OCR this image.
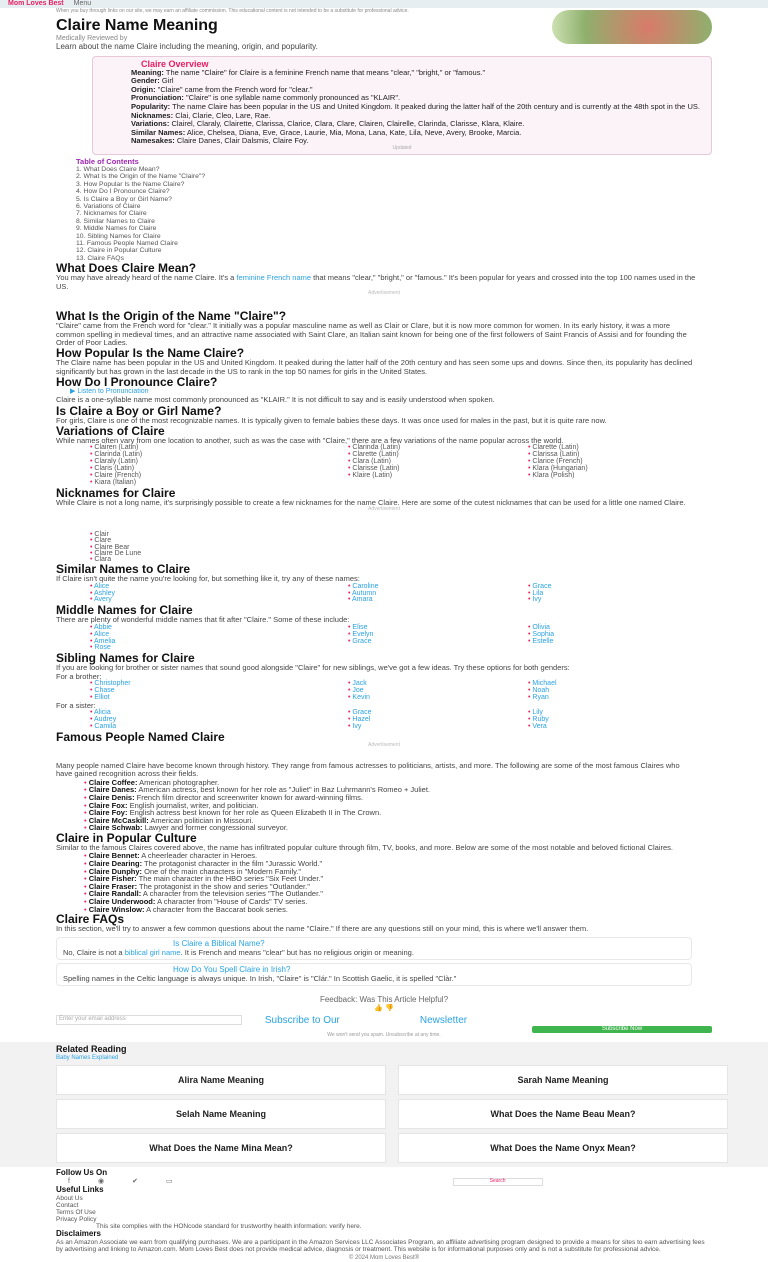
Mom Loves Best Menu
When you buy through links on our site, we may earn an affiliate commission. This educational content is not intended to be a substitute for professional advice.
Claire Name Meaning
Medically Reviewed by
Learn about the name Claire including the meaning, origin, and popularity.
Claire Overview
Meaning: The name "Claire" for Claire is a feminine French name that means "clear," "bright," or "famous."
Gender: Girl
Origin: "Claire" came from the French word for "clear."
Pronunciation: "Claire" is one syllable name commonly pronounced as "KLAIR".
Popularity: The name Claire has been popular in the US and United Kingdom. It peaked during the latter half of the 20th century and is currently at the 48th spot in the US.
Nicknames: Clai, Clarie, Cleo, Lare, Rae.
Variations: Clairel, Claraly, Clairette, Clarissa, Clarice, Clara, Clare, Clairen, Clairelle, Clarinda, Clarisse, Klara, Klaire.
Similar Names: Alice, Chelsea, Diana, Eve, Grace, Laurie, Mia, Mona, Lana, Kate, Lila, Neve, Avery, Brooke, Marcia.
Namesakes: Claire Danes, Clair Dalsmis, Claire Foy.
Updated
Table of Contents
1. What Does Claire Mean?
2. What Is the Origin of the Name "Claire"?
3. How Popular Is the Name Claire?
4. How Do I Pronounce Claire?
5. Is Claire a Boy or Girl Name?
6. Variations of Claire
7. Nicknames for Claire
8. Similar Names to Claire
9. Middle Names for Claire
10. Sibling Names for Claire
11. Famous People Named Claire
12. Claire in Popular Culture
13. Claire FAQs
What Does Claire Mean?

You may have already heard of the name Claire. It's a feminine French name that means "clear," "bright," or "famous." It's been popular for years and crossed into the top 100 names used in the US.

Advertisement
What Is the Origin of the Name "Claire"?

"Claire" came from the French word for "clear." It initially was a popular masculine name as well as Clair or Clare, but it is now more common for women. In its early history, it was a more common spelling in medieval times, and an attractive name associated with Saint Clare, an Italian saint known for being one of the first followers of Saint Francis of Assisi and for founding the Order of Poor Ladies.

How Popular Is the Name Claire?

The Claire name has been popular in the US and United Kingdom. It peaked during the latter half of the 20th century and has seen some ups and downs. Since then, its popularity has declined significantly but has grown in the last decade in the US to rank in the top 50 names for girls in the United States.

How Do I Pronounce Claire?
▶ Listen to Pronunciation

Claire is a one-syllable name most commonly pronounced as "KLAIR." It is not difficult to say and is easily understood when spoken.

Is Claire a Boy or Girl Name?

For girls, Claire is one of the most recognizable names. It is typically given to female babies these days. It was once used for males in the past, but it is quite rare now.

Variations of Claire

While names often vary from one location to another, such as was the case with "Claire," there are a few variations of the name popular across the world.

• Clairen (Latin)	• Clarinda (Latin)	• Clarette (Latin)
• Clarinda (Latin)	• Clarette (Latin)	• Clarissa (Latin)
• Claraly (Latin)	• Clara (Latin)	• Clarice (French)
• Claris (Latin)	• Clarisse (Latin)	• Klara (Hungarian)
• Claire (French)	• Klaire (Latin)	• Klara (Polish)
• Kiara (Italian)
Nicknames for Claire

While Claire is not a long name, it's surprisingly possible to create a few nicknames for the name Claire. Here are some of the cutest nicknames that can be used for a little one named Claire.

Advertisement
• Clair
• Clare
• Claire Bear
• Claire De Lune
• Clara
Similar Names to Claire

If Claire isn't quite the name you're looking for, but something like it, try any of these names:

• Alice	• Caroline	• Grace
• Ashley	• Autumn	• Lila
• Avery	• Amara	• Ivy
Middle Names for Claire

There are plenty of wonderful middle names that fit after "Claire." Some of these include:

• Abbie	• Elise	• Olivia
• Alice	• Evelyn	• Sophia
• Amelia	• Grace	• Estelle
• Rose
Sibling Names for Claire

If you are looking for brother or sister names that sound good alongside "Claire" for new siblings, we've got a few ideas. Try these options for both genders:

For a brother:

• Christopher	• Jack	• Michael
• Chase	• Joe	• Noah
• Elliot	• Kevin	• Ryan

For a sister:

• Alicia	• Grace	• Lily
• Audrey	• Hazel	• Ruby
• Camila	• Ivy	• Vera
Famous People Named Claire
Advertisement

Many people named Claire have become known through history. They range from famous actresses to politicians, artists, and more. The following are some of the most famous Claires who have gained recognition across their fields.

• Claire Coffee: American photographer.
• Claire Danes: American actress, best known for her role as "Juliet" in Baz Luhrmann's Romeo + Juliet.
• Claire Denis: French film director and screenwriter known for award-winning films.
• Claire Fox: English journalist, writer, and politician.
• Claire Foy: English actress best known for her role as Queen Elizabeth II in The Crown.
• Claire McCaskill: American politician in Missouri.
• Claire Schwab: Lawyer and former congressional surveyor.
Claire in Popular Culture

Similar to the famous Claires covered above, the name has infiltrated popular culture through film, TV, books, and more. Below are some of the most notable and beloved fictional Claires.

• Claire Bennet: A cheerleader character in Heroes.
• Claire Dearing: The protagonist character in the film "Jurassic World."
• Claire Dunphy: One of the main characters in "Modern Family."
• Claire Fisher: The main character in the HBO series "Six Feet Under."
• Claire Fraser: The protagonist in the show and series "Outlander."
• Claire Randall: A character from the television series "The Outlander."
• Claire Underwood: A character from "House of Cards" TV series.
• Claire Winslow: A character from the Baccarat book series.
Claire FAQs

In this section, we'll try to answer a few common questions about the name "Claire." If there are any questions still on your mind, this is where we'll answer them.

Is Claire a Biblical Name?
No, Claire is not a biblical girl name. It is French and means "clear" but has no religious origin or meaning.
How Do You Spell Claire in Irish?
Spelling names in the Celtic language is always unique. In Irish, "Claire" is "Clár." In Scottish Gaelic, it is spelled "Clàr."
Feedback: Was This Article Helpful?
👍 👎
Enter your email address	Subscribe to Our	Newsletter
Subscribe Now
We won't send you spam. Unsubscribe at any time.
Related Reading
Baby Names Explained
Alira Name Meaning	Sarah Name Meaning
Selah Name Meaning	What Does the Name Beau Mean?
What Does the Name Mina Mean?	What Does the Name Onyx Mean?
Follow Us On
f	◉	✔	▭	Search
Useful Links
About Us
Contact
Terms Of Use
Privacy Policy
This site complies with the HONcode standard for trustworthy health information: verify here.
Disclaimers
As an Amazon Associate we earn from qualifying purchases. We are a participant in the Amazon Services LLC Associates Program, an affiliate advertising program designed to provide a means for sites to earn advertising fees by advertising and linking to Amazon.com. Mom Loves Best does not provide medical advice, diagnosis or treatment. This website is for informational purposes only and is not a substitute for professional advice.
© 2024 Mom Loves Best®
